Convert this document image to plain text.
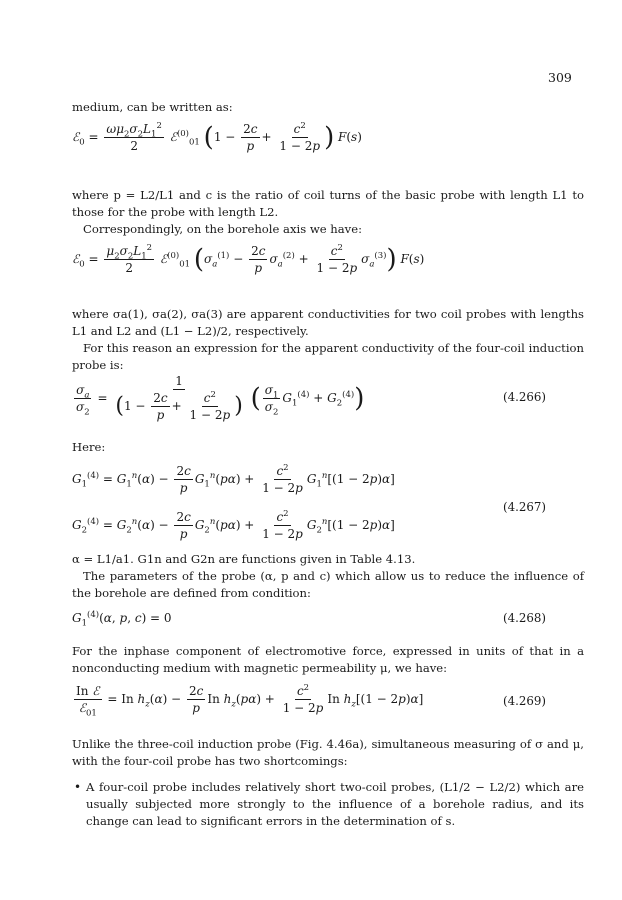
309
medium, can be written as:
ℰ$_0$ = $\frac{\omega\mu_2\sigma_2L_1^2}{2}$ ℰ$^{(0)}_{01}$ ($1 - \frac{2c}{p} + \frac{c^2}{1 - 2p}$ ) F(s)
where p = L2/L1 and c is the ratio of coil turns of the basic probe with length L1 to those for the probe with length L2.
Correspondingly, on the borehole axis we have:
ℰ$_0$ = $\frac{\mu_2\sigma_2L_1^2}{2}$ ℰ$^{(0)}_{01}$ $(\sigma_a^{(1)} - \frac{2c}{p} \sigma_a^{(2)} + \frac{c^2}{1 - 2p} \sigma_a^{(3)})$ F(s)
where σa(1), σa(2), σa(3) are apparent conductivities for two coil probes with lengths L1 and L2 and (L1 − L2)/2, respectively.
For this reason an expression for the apparent conductivity of the four-coil induction probe is:
$\frac{\sigma_a}{\sigma_2} = \frac{1}{(1 - \frac{2c}{p} + \frac{c^2}{1 - 2p} )}$ ( $\frac{\sigma_1}{\sigma_2} G_1^{(4)} + G_2^{(4)}$)	(4.266)
Here:
$G_1^{(4)} = G_1^n(\alpha) - \frac{2c}{p} G_1^n(p\alpha) + \frac{c^2}{1 - 2p} G_1^n[(1 - 2p)\alpha]$
$G_2^{(4)} = G_2^n(\alpha) - \frac{2c}{p} G_2^n(p\alpha) + \frac{c^2}{1 - 2p} G_2^n[(1 - 2p)\alpha]$
(4.267)
α = L1/a1. G1n and G2n are functions given in Table 4.13.
The parameters of the probe (α, p and c) which allow us to reduce the influence of the borehole are defined from condition:
$G_1^{(4)}(\alpha$, p, c) = 0	(4.268)
For the inphase component of electromotive force, expressed in units of that in a nonconducting medium with magnetic permeability μ, we have:
$\frac{\text{In ℰ}}{ℰ_{01}} = In$ $h_z(\alpha) - \frac{2c}{p}$ In $h_z(p\alpha) + \frac{c^2}{1 - 2p}$ In $h_z[(1 - 2p)\alpha]$	(4.269)
Unlike the three-coil induction probe (Fig. 4.46a), simultaneous measuring of σ and μ, with the four-coil probe has two shortcomings:
• A four-coil probe includes relatively short two-coil probes, (L1/2 − L2/2) which are usually subjected more strongly to the influence of a borehole radius, and its change can lead to significant errors in the determination of s.
